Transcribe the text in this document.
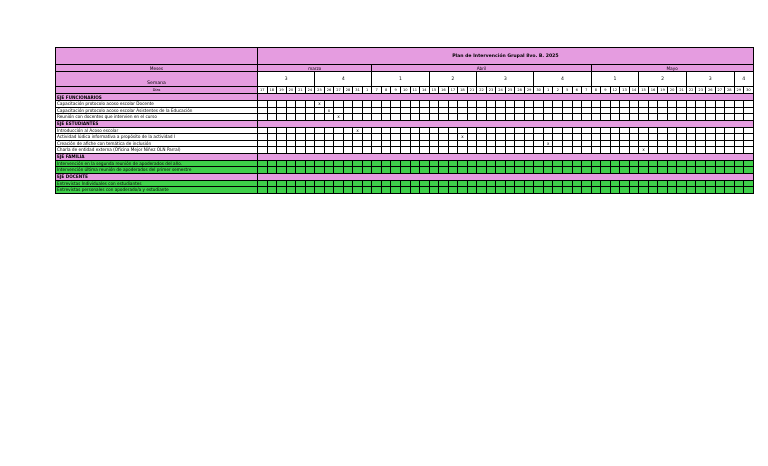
	Plan de Intervención Grupal 8vo. B. 2025																																																			
Meses	marzo												Abril																							Mayo																

Semana	3						4						1						2					3						4						1					2					3					4	
Días	17	18	19	20	21	24	25	26	27	28	31	1	7	8	9	10	11	14	15	16	17	18	21	22	23	24	25	28	29	30	1	2	5	6	7	8	9	12	13	14	15	16	19	20	21	22	23	26	27	28	29	30
EJE FUNCIONARIOS																																																				
Capacitación protocolo acoso escolar Docente							x																																													
Capacitación protocolo acoso escolar Asistentes de la Educación								x																																												
Reunión con docentes que intervien en el curso									x																																											
EJE ESTUDIANTES																																																				
Introducción al Acoso escolar											x																																									
Actividad lúdica informativa a propósito de la actividad I																						x																														
Creación de afiche con temática de inclusión																															x																					
Charla de entidad externa (Oficina Mejor Niñez OLN Parral)																																									x											
EJE FAMILIA																																																				
Intervención en la segunda reunión de apoderados del año.																																																				
Intervención última reunión de apoderados del primer semestre																																																				
EJE DOCENTE																																																				
Entrevistas Individuales con estudiantes																																																				
Entrevistas personales con apoderado/a y estudiante																																																				
